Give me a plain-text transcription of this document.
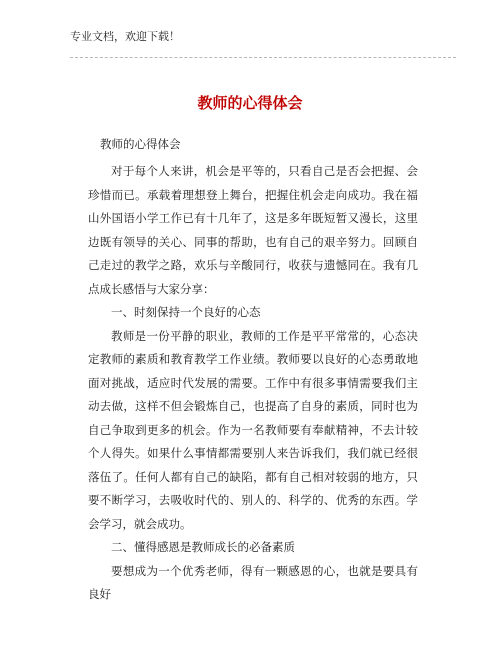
专业文档，欢迎下载！
教师的心得体会
教师的心得体会

对于每个人来讲，机会是平等的，只看自己是否会把握、会珍惜而已。承载着理想登上舞台，把握住机会走向成功。我在福山外国语小学工作已有十几年了，这是多年既短暂又漫长，这里边既有领导的关心、同事的帮助，也有自己的艰辛努力。回顾自己走过的教学之路，欢乐与辛酸同行，收获与遗憾同在。我有几点成长感悟与大家分享：

一、时刻保持一个良好的心态

教师是一份平静的职业，教师的工作是平平常常的，心态决定教师的素质和教育教学工作业绩。教师要以良好的心态勇敢地面对挑战，适应时代发展的需要。工作中有很多事情需要我们主动去做，这样不但会锻炼自己，也提高了自身的素质，同时也为自己争取到更多的机会。作为一名教师要有奉献精神，不去计较个人得失。如果什么事情都需要别人来告诉我们，我们就已经很落伍了。任何人都有自己的缺陷，都有自己相对较弱的地方，只要不断学习，去吸收时代的、别人的、科学的、优秀的东西。学会学习，就会成功。

二、懂得感恩是教师成长的必备素质

要想成为一个优秀老师，得有一颗感恩的心，也就是要具有良好
